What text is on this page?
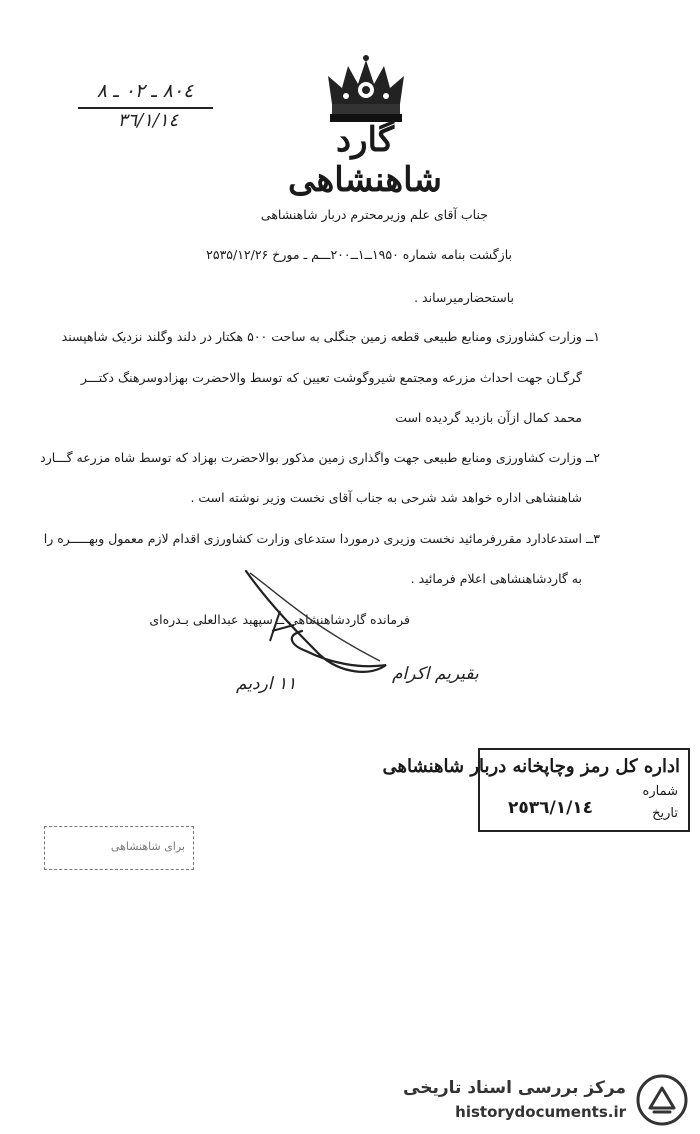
گارد شاهنشاهی
٨٠٤ ـ ٠٢ ـ ٨
٣٦/١/١٤
جناب آقای علم وزیرمحترم دربار شاهنشاهی
بازگشت بنامه شماره ۱۹۵۰ــ۱ــ۲۰۰ـــم ـ مورخ ۲۵۳۵/۱۲/۲۶
باستحضارمیرساند .
۱ــ وزارت کشاورزی ومنابع طبیعی قطعه زمین جنگلی به ساحت ۵۰۰ هکتار در دلند وگلند نزدیک شاهپسند
گرگـان جهت احداث مزرعه ومجتمع شیروگوشت تعیین که توسط والاحضرت بهزادوسرهنگ دکتـــر
محمد کمال ازآن بازدید گردیده است
۲ــ وزارت کشاورزی ومنابع طبیعی جهت واگذاری زمین مذکور بوالاحضرت بهزاد که توسط شاه مزرعه گـــارد
شاهنشاهی اداره خواهد شد شرحی به جناب آقای نخست وزیر نوشته است .
۳ــ استدعادارد مقررفرمائید نخست وزیری درموردا ستدعای وزارت کشاورزی اقدام لازم معمول وبهـــــره را
به گاردشاهنشاهی اعلام فرمائید .
فرمانده گاردشاهنشاهی ــ سپهبد عبدالعلی بـدره‌ای
١١ اردیم	بقیریم اکرام
اداره کل رمز وچاپخانه دربار شاهنشاهی
شماره
تاریخ
٢٥٣٦/١/١٤
برای شاهنشاهی
مرکز بررسی اسناد تاریخی
historydocuments.ir
